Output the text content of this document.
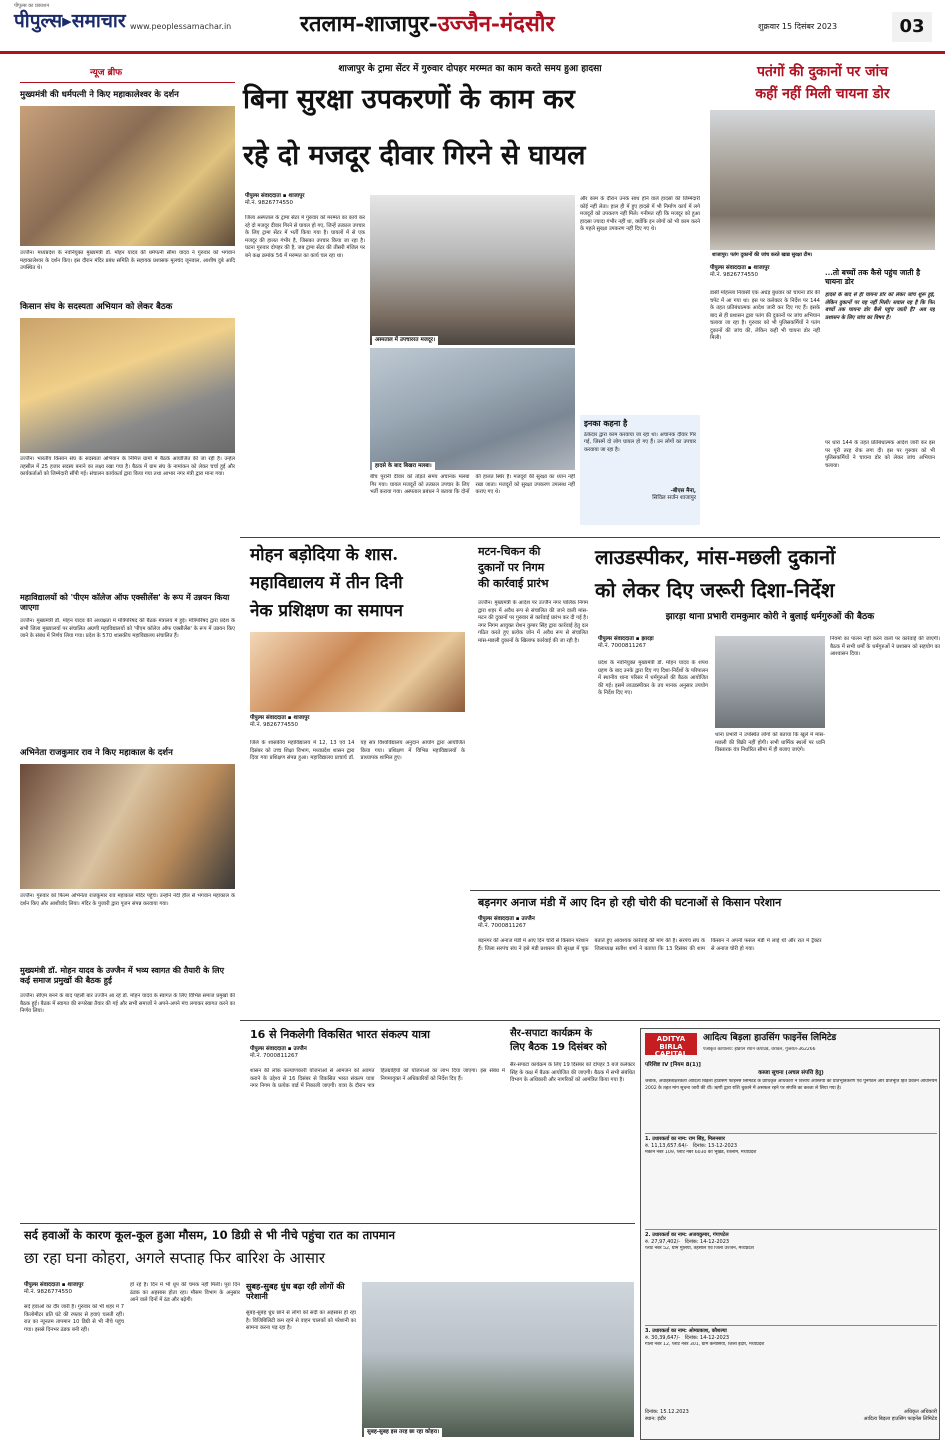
पीपुल्स का प्रकाशन
पीपुल्स▸समाचार www.peoplessamachar.in	रतलाम-शाजापुर-उज्जैन-मंदसौर	शुक्रवार 15 दिसंबर 2023	03
न्यूज ब्रीफ
मुख्यमंत्री की धर्मपत्नी ने किए महाकालेश्वर के दर्शन
उज्जैन। मध्यप्रदेश के नवनियुक्त मुख्यमंत्री डॉ. मोहन यादव की धर्मपत्नी सीमा यादव ने गुरुवार को भगवान महाकालेश्वर के दर्शन किए। इस दौरान मंदिर प्रबंध समिति के सहायक प्रशासक मूलचंद जूनवाल, आशीष दुबे आदि उपस्थित थे।
किसान संघ के सदस्यता अभियान को लेकर बैठक
उज्जैन। भारतीय किसान संघ के सदस्यता अभियान के निमित्त ग्रामों में बैठकें आयोजित की जा रही हैं। उन्हेल तहसील में 25 हजार सदस्य बनाने का लक्ष्य रखा गया है। बैठक में ग्राम संघ के नामांकन को लेकर चर्चा हुई और कार्यकर्ताओं को जिम्मेदारी सौंपी गई। संचालन कार्यकर्ता द्वारा किया गया तथा आभार नगर मंत्री द्वारा माना गया।
महाविद्यालयों को 'पीएम कॉलेज ऑफ एक्सीलेंस' के रूप में उन्नयन किया जाएगा
उज्जैन। मुख्यमंत्री डॉ. मोहन यादव की अध्यक्षता में मंत्रिपरिषद की बैठक मंत्रालय में हुई। मंत्रिपरिषद द्वारा प्रदेश के सभी जिला मुख्यालयों पर संचालित अग्रणी महाविद्यालयों को 'पीएम कॉलेज ऑफ एक्सीलेंस' के रूप में उन्नयन किए जाने के संबंध में निर्णय लिया गया। प्रदेश के 570 शासकीय महाविद्यालय संचालित हैं।
अभिनेता राजकुमार राव ने किए महाकाल के दर्शन
उज्जैन। गुरुवार को फिल्म अभिनेता राजकुमार राव महाकाल मंदिर पहुंचे। उन्होंने नंदी हॉल से भगवान महाकाल के दर्शन किए और आशीर्वाद लिया। मंदिर के पुजारी द्वारा पूजन संपन्न करवाया गया।
मुख्यमंत्री डॉ. मोहन यादव के उज्जैन में भव्य स्वागत की तैयारी के लिए कई समाज प्रमुखों की बैठक हुई
उज्जैन। सीएम बनने के बाद पहली बार उज्जैन आ रहे डॉ. मोहन यादव के स्वागत के लिए विभिन्न समाज प्रमुखों की बैठक हुई। बैठक में स्वागत की रूपरेखा तैयार की गई और सभी समाजों ने अपने-अपने मंच लगाकर स्वागत करने का निर्णय लिया।
शाजापुर के ट्रामा सेंटर में गुरुवार दोपहर मरम्मत का काम करते समय हुआ हादसा
बिना सुरक्षा उपकरणों के काम कर
रहे दो मजदूर दीवार गिरने से घायल
पीपुल्स संवाददाता ▪ शाजापुर
मो.नं. 9826774550
जिला अस्पताल के ट्रामा सेंटर में गुरुवार को मरम्मत का कार्य कर रहे दो मजदूर दीवार गिरने से घायल हो गए, जिन्हें तत्काल उपचार के लिए ट्रामा सेंटर में भर्ती किया गया है। घायलों में से एक मजदूर की हालत गंभीर है, जिसका उपचार किया जा रहा है। घटना गुरुवार दोपहर की है, जब ट्रामा सेंटर की तीसरी मंजिल पर बने कक्ष क्रमांक 56 में मरम्मत का कार्य चल रहा था।
अस्पताल में उपचाररत मजदूर।
हादसे के बाद बिखरा मलबा।
बीच पुरानी दीवार को तोड़ते समय अचानक मलबा गिर गया। घायल मजदूरों को तत्काल उपचार के लिए भर्ती कराया गया। अस्पताल प्रबंधन ने बताया कि दोनों की हालत स्थिर है। मजदूरों की सुरक्षा का ध्यान नहीं रखा जाता। मजदूरों को सुरक्षा उपकरण उपलब्ध नहीं कराए गए थे।
और काम के दौरान उनके साथ होने वाले हादसों की जिम्मेदारी कोई नहीं लेता। हाल ही में हुए हादसे में भी निर्माण कार्य में लगे मजदूरों को उपकरण नहीं मिले। गनीमत रही कि मजदूर को हुआ हादसा ज्यादा गंभीर नहीं था, क्योंकि इन लोगों को भी काम करने के पहले सुरक्षा उपकरण नहीं दिए गए थे।
इनका कहना है
ठेकेदार द्वारा काम करवाया जा रहा था। अचानक दीवार गिर गई, जिसमें दो लोग घायल हो गए हैं। उन लोगों का उपचार करवाया जा रहा है।
-बीएस मैना,
सिविल सर्जन शाजापुर
पतंगों की दुकानों पर जांच
कहीं नहीं मिली चायना डोर
शाजापुर। पतंग दुकानों की जांच करते खाद्य सुरक्षा टीम।
पीपुल्स संवाददाता ▪ शाजापुर
मो.नं. 9826774550
डासी मोहल्ला निवासी एक अधेड़ बुधवार को चायना डोर की चपेट में आ गया था। इस पर कलेक्टर के निर्देश पर 144 के तहत प्रतिबंधात्मक आदेश जारी कर दिए गए हैं। इसके बाद से ही प्रशासन द्वारा पतंग की दुकानों पर जांच अभियान चलाया जा रहा है। गुरुवार को भी पुलिसकर्मियों ने पतंग दुकानों की जांच की, लेकिन कहीं भी चायना डोर नहीं मिली।
...तो बच्चों तक कैसे पहुंच जाती है चायना डोर
हादसे के बाद से ही चायना डोर को लेकर जांच शुरू हुई, लेकिन दुकानों पर यह नहीं मिली। सवाल यह है कि फिर बच्चों तक चायना डोर कैसे पहुंच जाती है? अब यह प्रशासन के लिए जांच का विषय है।
पर धारा 144 के तहत प्रतिबंधात्मक आदेश जारी कर इस पर पूरी तरह रोक लगा दी। इस पर गुरुवार को भी पुलिसकर्मियों ने चायना डोर को लेकर जांच अभियान चलाया।
मोहन बड़ोदिया के शास.
महाविद्यालय में तीन दिनी
नेक प्रशिक्षण का समापन
पीपुल्स संवाददाता ▪ शाजापुर
मो.नं. 9826774550
जिले के शासकीय महाविद्यालय में 12, 13 एवं 14 दिसंबर को उच्च शिक्षा विभाग, मध्यप्रदेश शासन द्वारा दिया गया प्रशिक्षण संपन्न हुआ। महाविद्यालय प्राचार्य डॉ. यह सत्र विश्वविद्यालय अनुदान आयोग द्वारा आयोजित किया गया। प्रशिक्षण में विभिन्न महाविद्यालयों के प्राध्यापक शामिल हुए।
मटन-चिकन की
दुकानों पर निगम
की कार्रवाई प्रारंभ
उज्जैन। मुख्यमंत्री के आदेश पर उज्जैन नगर पालिक निगम द्वारा शहर में अवैध रूप से संचालित की जाने वाली मांस-मटन की दुकानों पर गुरुवार से कार्रवाई प्रारंभ कर दी गई है। नगर निगम आयुक्त रोशन कुमार सिंह द्वारा कार्रवाई हेतु दल गठित करते हुए प्रत्येक जोन में अवैध रूप से संचालित मांस-मछली दुकानों के खिलाफ कार्रवाई की जा रही है।
लाउडस्पीकर, मांस-मछली दुकानों
को लेकर दिए जरूरी दिशा-निर्देश
झारड़ा थाना प्रभारी रामकुमार कोरी ने बुलाई धर्मगुरुओं की बैठक
पीपुल्स संवाददाता ▪ झारड़ा
मो.नं. 7000811267
प्रदेश के नवनियुक्त मुख्यमंत्री डॉ. मोहन यादव के शपथ ग्रहण के बाद उनके द्वारा दिए गए दिशा-निर्देशों के परिपालन में स्थानीय थाना परिसर में धर्मगुरुओं की बैठक आयोजित की गई। इसमें लाउडस्पीकर के तय मानक अनुसार उपयोग के निर्देश दिए गए।
थाना प्रभारी ने उपस्थित लोगों को बताया कि खुले में मांस-मछली की बिक्री नहीं होगी। सभी धार्मिक स्थलों पर ध्वनि विस्तारक यंत्र निर्धारित सीमा में ही बजाए जाएंगे।
नियमों का पालन नहीं करने वालों पर कार्रवाई की जाएगी। बैठक में सभी धर्मों के धर्मगुरुओं ने प्रशासन को सहयोग का आश्वासन दिया।
बड़नगर अनाज मंडी में आए दिन हो रही चोरी की घटनाओं से किसान परेशान
पीपुल्स संवाददाता ▪ उज्जैन
मो.नं. 7000811267
बड़नगर की अनाज मंडी में आए दिन चोरी से किसान परेशान हैं। जिला सरपंच संघ ने इसे मंडी प्रशासन की सुरक्षा में चूक बताते हुए आवश्यक कार्रवाई की मांग की है। सरपंच संघ के जिलाध्यक्ष सतीश शर्मा ने बताया कि 13 दिसंबर की शाम किसान ने अपनी फसल मंडी में लाई थी और रात में ट्रैक्टर से अनाज चोरी हो गया।
16 से निकलेगी विकसित भारत संकल्प यात्रा
पीपुल्स संवाददाता ▪ उज्जैन
मो.नं. 7000811267
शासन की लोक कल्याणकारी योजनाओं से आमजन को अवगत कराने के उद्देश्य से 16 दिसंबर से विकसित भारत संकल्प यात्रा नगर निगम के प्रत्येक वार्ड में निकाली जाएगी। यात्रा के दौरान पात्र हितग्राहियों को योजनाओं का लाभ दिया जाएगा। इस संबंध में निगमायुक्त ने अधिकारियों को निर्देश दिए हैं।
सैर-सपाटा कार्यक्रम के
लिए बैठक 19 दिसंबर को
सैर-सपाटा कार्यक्रम के लिए 19 दिसंबर को दोपहर 3 बजे कलेक्टर सिंह के कक्ष में बैठक आयोजित की जाएगी। बैठक में सभी संबंधित विभाग के अधिकारी और नागरिकों को आमंत्रित किया गया है।
ADITYA BIRLA
CAPITAL
आदित्य बिड़ला हाउसिंग फाइनेंस लिमिटेड
पंजीकृत कार्यालय: इंडियन रेयॉन कंपाउंड, वेरावल, गुजरात-362266
परिशिष्ट IV [नियम 8(1)]
कब्जा सूचना (अचल संपत्ति हेतु)
जबकि, अधोहस्ताक्षरकर्ता आदित्य बिड़ला हाउसिंग फाइनेंस लिमिटेड के प्राधिकृत अधिकारी ने वित्तीय आस्तियों का प्रतिभूतिकरण एवं पुनर्गठन और प्रतिभूति हित प्रवर्तन अधिनियम 2002 के तहत मांग सूचना जारी की थी। ऋणी द्वारा राशि चुकाने में असफल रहने पर संपत्ति का कब्जा ले लिया गया है।
1. उधारकर्ता का नाम: राम सिंह, मिलनसार
रु. 11,13,657.64/- दिनांक: 13-12-2023
मकान नंबर 109, प्लॉट नंबर 6030 का भूखंड, रतलाम, मध्यप्रदेश
2. उधारकर्ता का नाम: अजयकुमार, गंगापटेल
रु. 27,97,402/- दिनांक: 14-12-2023
प्लॉट नंबर 52, ग्राम मुलिया, तहसील एवं जिला उज्जैन, मध्यप्रदेश
3. उधारकर्ता का नाम: ओमप्रकाश, कौशल्या
रु. 30,39,647/- दिनांक: 14-12-2023
गाली नंबर 12, प्लॉट नंबर 301, ग्राम कनासिया, जिला इंदौर, मध्यप्रदेश
दिनांक: 15.12.2023
स्थान: इंदौर
अधिकृत अधिकारी
आदित्य बिड़ला हाउसिंग फाइनेंस लिमिटेड
सर्द हवाओं के कारण कूल-कूल हुआ मौसम, 10 डिग्री से भी नीचे पहुंचा रात का तापमान
छा रहा घना कोहरा, अगले सप्ताह फिर बारिश के आसार
पीपुल्स संवाददाता ▪ शाजापुर
मो.नं. 9826774550
सर्द हवाओं का दौर जारी है। गुरुवार को भी शहर में 7 किलोमीटर प्रति घंटे की रफ्तार से हवाएं चलती रहीं। रात का न्यूनतम तापमान 10 डिग्री से भी नीचे पहुंच गया। इससे दिनभर ठंडक बनी रही।
हो रहे हैं। दिन में भी धूप की चमक नहीं मिली। पूरा दिन ठंडक का अहसास होता रहा। मौसम विभाग के अनुसार आने वाले दिनों में ठंड और बढ़ेगी।
सुबह-सुबह धुंध बढ़ा रही लोगों की परेशानी
सुबह-सुबह धुंध छाने से लोगों को सर्दी का अहसास हो रहा है। विजिबिलिटी कम रहने से वाहन चालकों को परेशानी का सामना करना पड़ रहा है।
सुबह-सुबह इस तरह छा रहा कोहरा।
